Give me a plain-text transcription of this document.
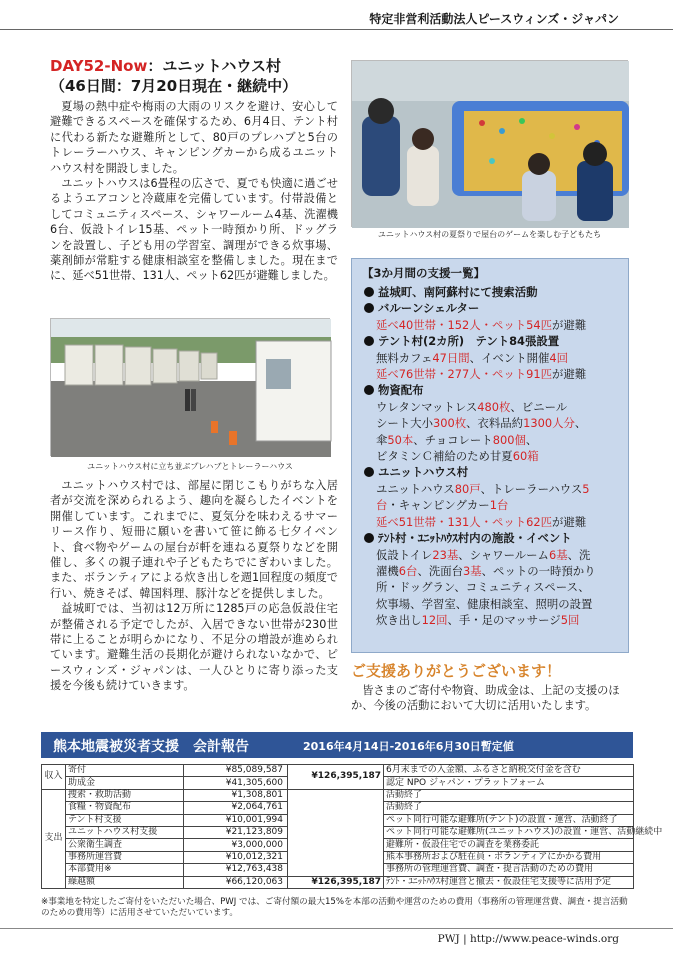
特定非営利活動法人ピースウィンズ・ジャパン
DAY52-Now：ユニットハウス村
（46日間：7月20日現在・継続中）

夏場の熱中症や梅雨の大雨のリスクを避け、安心して避難できるスペースを確保するため、6月4日、テント村に代わる新たな避難所として、80戸のプレハブと5台のトレーラーハウス、キャンピングカーから成るユニットハウス村を開設しました。

ユニットハウスは6畳程の広さで、夏でも快適に過ごせるようエアコンと冷蔵庫を完備しています。付帯設備としてコミュニティスペース、シャワールーム4基、洗濯機6台、仮設トイレ15基、ペット一時預かり所、ドッグランを設置し、子ども用の学習室、調理ができる炊事場、薬剤師が常駐する健康相談室を整備しました。現在までに、延べ51世帯、131人、ペット62匹が避難しました。

ユニットハウス村に立ち並ぶプレハブとトレーラーハウス

ユニットハウス村では、部屋に閉じこもりがちな入居者が交流を深められるよう、趣向を凝らしたイベントを開催しています。これまでに、夏気分を味わえるサマーリース作り、短冊に願いを書いて笹に飾る七夕イベント、食べ物やゲームの屋台が軒を連ねる夏祭りなどを開催し、多くの親子連れや子どもたちでにぎわいました。また、ボランティアによる炊き出しを週1回程度の頻度で行い、焼きそば、韓国料理、豚汁などを提供しました。

益城町では、当初は12万所に1285戸の応急仮設住宅が整備される予定でしたが、入居できない世帯が230世帯に上ることが明らかになり、不足分の増設が進められています。避難生活の長期化が避けられないなかで、ピースウィンズ・ジャパンは、一人ひとりに寄り添った支援を今後も続けていきます。

ユニットハウス村の夏祭りで屋台のゲームを楽しむ子どもたち
【3か月間の支援一覧】
益城町、南阿蘇村にて捜索活動
バルーンシェルター
延べ40世帯・152人・ペット54匹が避難
テント村(2カ所)　テント84張設置
無料カフェ47日間、イベント開催4回
延べ76世帯・277人・ペット91匹が避難
物資配布
ウレタンマットレス480枚、ビニール
シート大小300枚、衣料品約1300人分、
傘50本、チョコレート800個、
ビタミンＣ補給のため甘夏60箱
ユニットハウス村
ユニットハウス80戸、トレーラーハウス5
台・キャンピングカー1台
延べ51世帯・131人・ペット62匹が避難
ﾃﾝﾄ村・ﾕﾆｯﾄﾊｳｽ村内の施設・イベント
仮設トイレ23基、シャワールーム6基、洗
濯機6台、洗面台3基、ペットの一時預かり
所・ドッグラン、コミュニティスペース、
炊事場、学習室、健康相談室、照明の設置
炊き出し12回、手・足のマッサージ5回
ご支援ありがとうございます！

皆さまのご寄付や物資、助成金は、上記の支援のほか、今後の活動において大切に活用いたします。

熊本地震被災者支援　会計報告	2016年4月14日-2016年6月30日暫定値
収入	寄付	¥85,089,587	¥126,395,187	6月末までの入金額、ふるさと納税交付金を含む
	助成金	¥41,305,600		認定 NPO ジャパン・プラットフォーム
支出	捜索・救助活動	¥1,308,801		活動終了
	食糧・物資配布	¥2,064,761		活動終了
	テント村支援	¥10,001,994		ペット同行可能な避難所(テント)の設置・運営、活動終了
	ユニットハウス村支援	¥21,123,809		ペット同行可能な避難所(ユニットハウス)の設置・運営、活動継続中
	公衆衛生調査	¥3,000,000		避難所・仮設住宅での調査を業務委託
	事務所運営費	¥10,012,321		熊本事務所および駐在員・ボランティアにかかる費用
	本部費用※	¥12,763,438		事務所の管理運営費、調査・提言活動のための費用
	繰越額	¥66,120,063	¥126,395,187	ﾃﾝﾄ・ﾕﾆｯﾄﾊｳｽ村運営と撤去・仮設住宅支援等に活用予定
※事業地を特定したご寄付をいただいた場合、PWJ では、ご寄付額の最大15%を本部の活動や運営のための費用（事務所の管理運営費、調査・提言活動のための費用等）に活用させていただいています。
PWJ | http://www.peace-winds.org
